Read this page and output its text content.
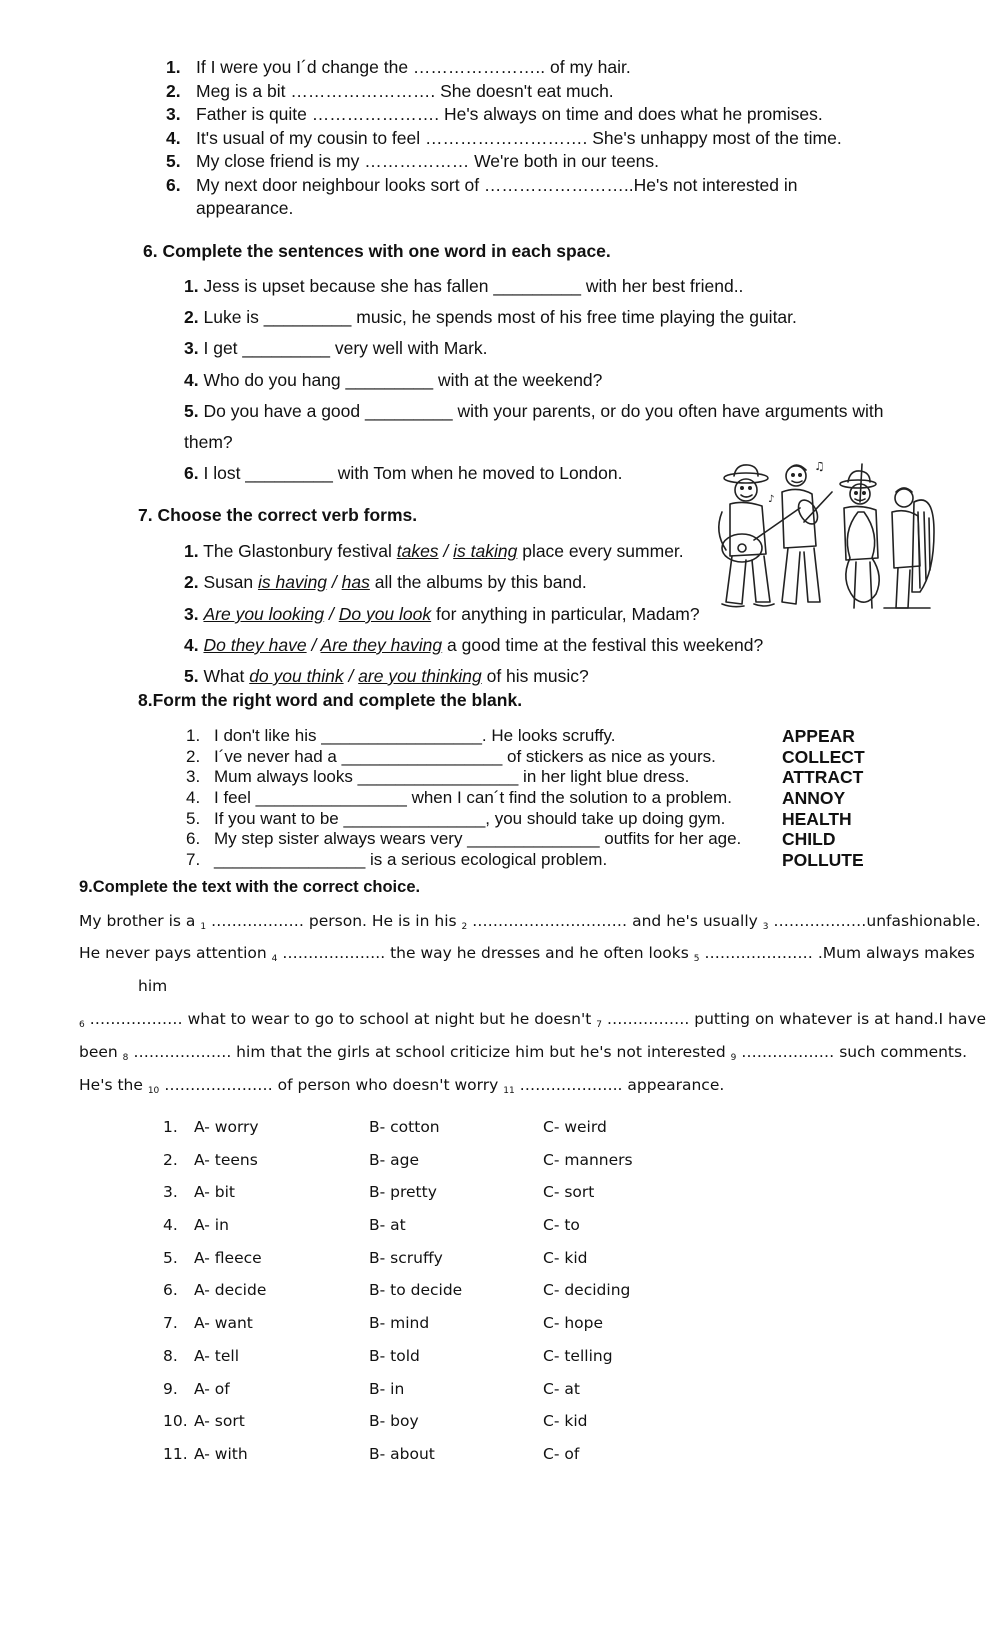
1. If I were you I´d change the ………………….. of my hair.
2. Meg is a bit ……………………. She doesn't eat much.
3. Father is quite …………………. He's always on time and does what he promises.
4. It's usual of my cousin to feel ………………………. She's unhappy most of the time.
5. My close friend is my ……………… We're both in our teens.
6. My next door neighbour looks sort of ……………………..He's not interested in
appearance.
6. Complete the sentences with one word in each space.
1. Jess is upset because she has fallen _________ with her best friend..
2. Luke is _________ music, he spends most of his free time playing the guitar.
3. I get _________ very well with Mark.
4. Who do you hang _________ with at the weekend?
5. Do you have a good _________ with your parents, or do you often have arguments with
them?
6. I lost _________ with Tom when he moved to London.
7. Choose the correct verb forms.
1. The Glastonbury festival takes / is taking place every summer.
2. Susan is having / has all the albums by this band.
3. Are you looking / Do you look for anything in particular, Madam?
4. Do they have / Are they having a good time at the festival this weekend?
5. What do you think / are you thinking of his music?
♫
♪
8.Form the right word and complete the blank.
1. I don't like his _________________. He looks scruffy.	APPEAR
2. I´ve never had a _________________ of stickers as nice as yours.	COLLECT
3. Mum always looks _________________ in her light blue dress.	ATTRACT
4. I feel ________________ when I can´t find the solution to a problem.	ANNOY
5. If you want to be _______________, you should take up doing gym.	HEALTH
6. My step sister always wears very ______________ outfits for her age. CHILD
7. ________________ is a serious ecological problem.	POLLUTE
9.Complete the text with the correct choice.
My brother is a $_1$ ……………… person. He is in his $_2$ ………………………… and he's usually $_3$ ………………unfashionable.
He never pays attention $_4$ ……………….. the way he dresses and he often looks $_5$ ………………… .Mum always makes
him
$_6$ ……………… what to wear to go to school at night but he doesn't $_7$ ……………. putting on whatever is at hand.I have
been $_8$ ………………. him that the girls at school criticize him but he's not interested $_9$ ……………… such comments.
He's the $_{10}$ ………………… of person who doesn't worry $_{11}$ ……………….. appearance.
1. A- worry	B- cotton	C- weird
2. A- teens	B- age	C- manners
3. A- bit	B- pretty	C- sort
4. A- in	B- at	C- to
5. A- fleece	B- scruffy	C- kid
6. A- decide	B- to decide	C- deciding
7. A- want	B- mind	C- hope
8. A- tell	B- told	C- telling
9. A- of	B- in	C- at
10. A- sort	B- boy	C- kid
11. A- with	B- about	C- of
